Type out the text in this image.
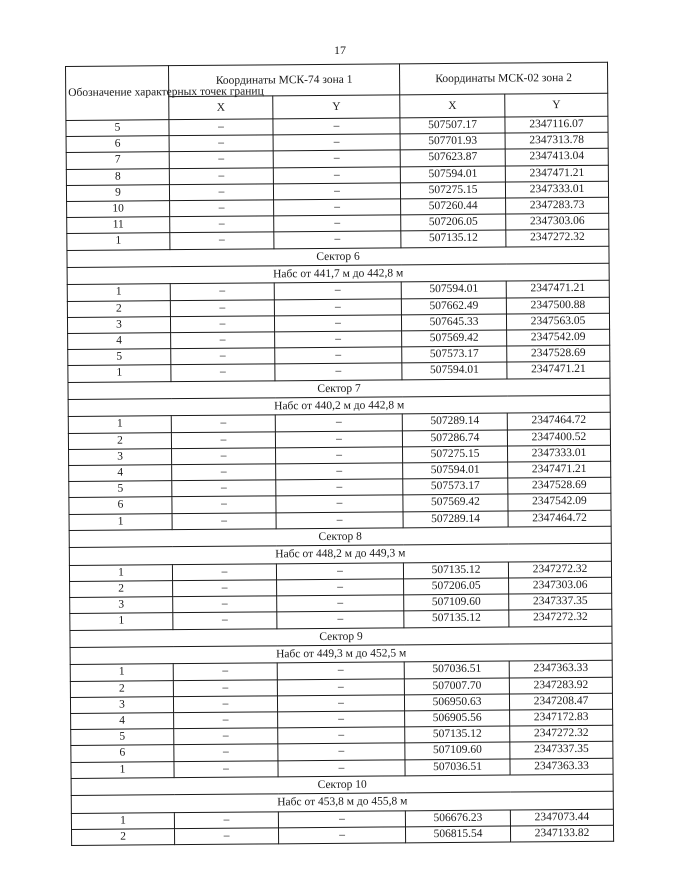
17
Обозначение характерных точек границ	Координаты МСК-74 зона 1		Координаты МСК-02 зона 2	
	X	Y	X	Y
5	–	–	507507.17	2347116.07
6	–	–	507701.93	2347313.78
7	–	–	507623.87	2347413.04
8	–	–	507594.01	2347471.21
9	–	–	507275.15	2347333.01
10	–	–	507260.44	2347283.73
11	–	–	507206.05	2347303.06
1	–	–	507135.12	2347272.32
Сектор 6				
Набс от 441,7 м до 442,8 м				
1	–	–	507594.01	2347471.21
2	–	–	507662.49	2347500.88
3	–	–	507645.33	2347563.05
4	–	–	507569.42	2347542.09
5	–	–	507573.17	2347528.69
1	–	–	507594.01	2347471.21
Сектор 7				
Набс от 440,2 м до 442,8 м				
1	–	–	507289.14	2347464.72
2	–	–	507286.74	2347400.52
3	–	–	507275.15	2347333.01
4	–	–	507594.01	2347471.21
5	–	–	507573.17	2347528.69
6	–	–	507569.42	2347542.09
1	–	–	507289.14	2347464.72
Сектор 8				
Набс от 448,2 м до 449,3 м				
1	–	–	507135.12	2347272.32
2	–	–	507206.05	2347303.06
3	–	–	507109.60	2347337.35
1	–	–	507135.12	2347272.32
Сектор 9				
Набс от 449,3 м до 452,5 м				
1	–	–	507036.51	2347363.33
2	–	–	507007.70	2347283.92
3	–	–	506950.63	2347208.47
4	–	–	506905.56	2347172.83
5	–	–	507135.12	2347272.32
6	–	–	507109.60	2347337.35
1	–	–	507036.51	2347363.33
Сектор 10				
Набс от 453,8 м до 455,8 м				
1	–	–	506676.23	2347073.44
2	–	–	506815.54	2347133.82
